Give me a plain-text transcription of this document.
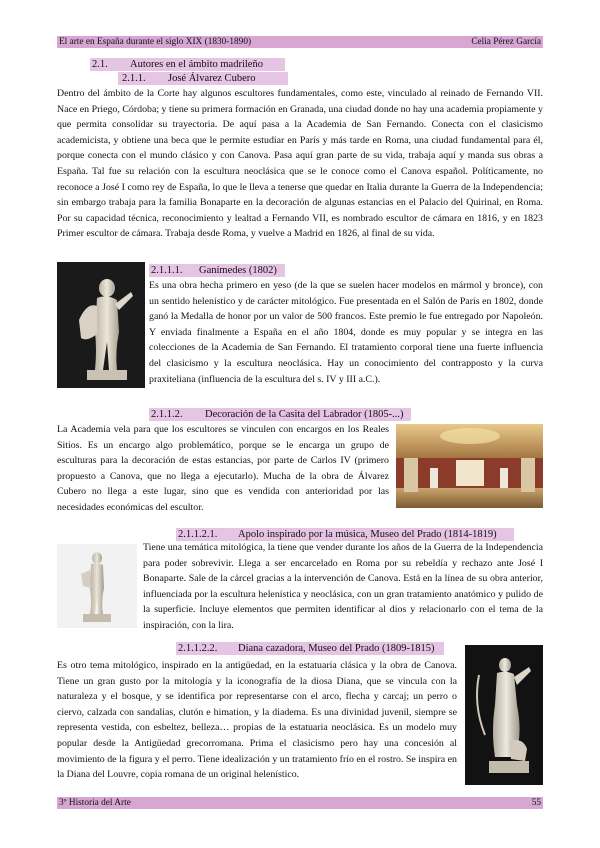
El arte en España durante el siglo XIX (1830-1890)	Celia Pérez García
2.1. Autores en el ámbito madrileño
2.1.1. José Álvarez Cubero

Dentro del ámbito de la Corte hay algunos escultores fundamentales, como este, vinculado al reinado de Fernando VII. Nace en Priego, Córdoba; y tiene su primera formación en Granada, una ciudad donde no hay una academia propiamente y que permita consolidar su trayectoria. De aquí pasa a la Academia de San Fernando. Conecta con el clasicismo academicista, y obtiene una beca que le permite estudiar en París y más tarde en Roma, una ciudad fundamental para él, porque conecta con el mundo clásico y con Canova. Pasa aquí gran parte de su vida, trabaja aquí y manda sus obras a España. Tal fue su relación con la escultura neoclásica que se le conoce como el Canova español. Políticamente, no reconoce a José I como rey de España, lo que le lleva a tenerse que quedar en Italia durante la Guerra de la Independencia; sin embargo trabaja para la familia Bonaparte en la decoración de algunas estancias en el Palacio del Quirinal, en Roma. Por su capacidad técnica, reconocimiento y lealtad a Fernando VII, es nombrado escultor de cámara en 1816, y en 1823 Primer escultor de cámara. Trabaja desde Roma, y vuelve a Madrid en 1826, al final de su vida.

2.1.1.1. Ganímedes (1802)

Es una obra hecha primero en yeso (de la que se suelen hacer modelos en mármol y bronce), con un sentido helenístico y de carácter mitológico. Fue presentada en el Salón de París en 1802, donde ganó la Medalla de honor por un valor de 500 francos. Este premio le fue entregado por Napoleón. Y enviada finalmente a España en el año 1804, donde es muy popular y se integra en las colecciones de la Academia de San Fernando. El tratamiento corporal tiene una fuerte influencia del clasicismo y la escultura neoclásica. Hay un conocimiento del contrapposto y la curva praxiteliana (influencia de la escultura del s. IV y III a.C.).

2.1.1.2. Decoración de la Casita del Labrador (1805-...)

La Academia vela para que los escultores se vinculen con encargos en los Reales Sitios. Es un encargo algo problemático, porque se le encarga un grupo de esculturas para la decoración de estas estancias, por parte de Carlos IV (primero propuesto a Canova, que no llega a ejecutarlo). Mucha de la obra de Álvarez Cubero no llega a este lugar, sino que es vendida con anterioridad por las necesidades económicas del escultor.

2.1.1.2.1. Apolo inspirado por la música, Museo del Prado (1814-1819)

Tiene una temática mitológica, la tiene que vender durante los años de la Guerra de la Independencia para poder sobrevivir. Llega a ser encarcelado en Roma por su rebeldía y rechazo ante José I Bonaparte. Sale de la cárcel gracias a la intervención de Canova. Está en la línea de su obra anterior, influenciada por la escultura helenística y neoclásica, con un gran tratamiento anatómico y pulido de la superficie. Incluye elementos que permiten identificar al dios y relacionarlo con el tema de la inspiración, con la lira.

2.1.1.2.2. Diana cazadora, Museo del Prado (1809-1815)

Es otro tema mitológico, inspirado en la antigüedad, en la estatuaria clásica y la obra de Canova. Tiene un gran gusto por la mitología y la iconografía de la diosa Diana, que se vincula con la naturaleza y el bosque, y se identifica por representarse con el arco, flecha y carcaj; un perro o ciervo, calzada con sandalias, clutón e himation, y la diadema. Es una divinidad juvenil, siempre se representa vestida, con esbeltez, belleza… propias de la estatuaria neoclásica. Es un modelo muy popular desde la Antigüedad grecorromana. Prima el clasicismo pero hay una concesión al movimiento de la figura y el perro. Tiene idealización y un tratamiento frío en el rostro. Se inspira en la Diana del Louvre, copia romana de un original helenístico.

3º Historia del Arte	55
